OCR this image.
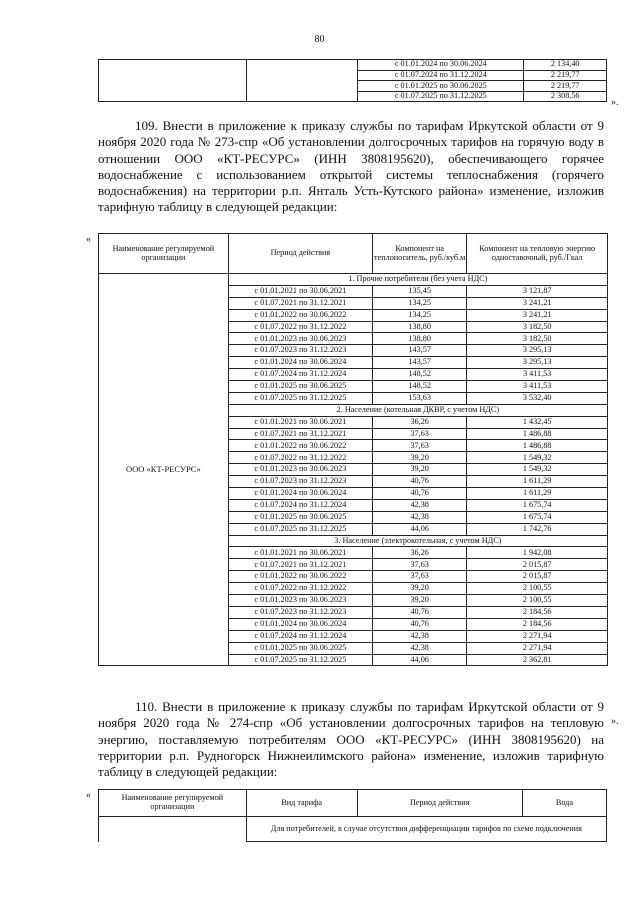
80
		с 01.01.2024 по 30.06.2024	2 134,40
		с 01.07.2024 по 31.12.2024	2 219,77
		с 01.01.2025 по 30.06.2025	2 219,77
		с 01.07.2025 по 31.12.2025	2 308,56
».
109. Внести в приложение к приказу службы по тарифам Иркутской области от 9 ноября 2020 года № 273-спр «Об установлении долгосрочных тарифов на горячую воду в отношении ООО «КТ-РЕСУРС» (ИНН 3808195620), обеспечивающего горячее водоснабжение с использованием открытой системы теплоснабжения (горячего водоснабжения) на территории р.п. Янталь Усть-Кутского района» изменение, изложив тарифную таблицу в следующей редакции:
«
Наименование регулируемой организации	Период действия	Компонент на теплоноситель, руб./куб.м	Компонент на тепловую энергию одноставочный, руб./Гкал
ООО «КТ-РЕСУРС»	1. Прочие потребители (без учета НДС)		
	с 01.01.2021 по 30.06.2021	135,45	3 121,87
	с 01.07.2021 по 31.12.2021	134,25	3 241,21
	с 01.01.2022 по 30.06.2022	134,25	3 241,21
	с 01.07.2022 по 31.12.2022	138,80	3 182,50
	с 01.01.2023 по 30.06.2023	138,80	3 182,50
	с 01.07.2023 по 31.12.2023	143,57	3 295,13
	с 01.01.2024 по 30.06.2024	143,57	3 295,13
	с 01.07.2024 по 31.12.2024	148,52	3 411,53
	с 01.01.2025 по 30.06.2025	148,52	3 411,53
	с 01.07.2025 по 31.12.2025	153,63	3 532,40
	2. Население (котельная ДКВР, с учетом НДС)		
	с 01.01.2021 по 30.06.2021	36,26	1 432,45
	с 01.07.2021 по 31.12.2021	37,63	1 486,88
	с 01.01.2022 по 30.06.2022	37,63	1 486,88
	с 01.07.2022 по 31.12.2022	39,20	1 549,32
	с 01.01.2023 по 30.06.2023	39,20	1 549,32
	с 01.07.2023 по 31.12.2023	40,76	1 611,29
	с 01.01.2024 по 30.06.2024	40,76	1 611,29
	с 01.07.2024 по 31.12.2024	42,38	1 675,74
	с 01.01.2025 по 30.06.2025	42,38	1 675,74
	с 01.07.2025 по 31.12.2025	44,06	1 742,76
	3. Население (электрокотельная, с учетом НДС)		
	с 01.01.2021 по 30.06.2021	36,26	1 942,08
	с 01.07.2021 по 31.12.2021	37,63	2 015,87
	с 01.01.2022 по 30.06.2022	37,63	2 015,87
	с 01.07.2022 по 31.12.2022	39,20	2 100,55
	с 01.01.2023 по 30.06.2023	39,20	2 100,55
	с 01.07.2023 по 31.12.2023	40,76	2 184,56
	с 01.01.2024 по 30.06.2024	40,76	2 184,56
	с 01.07.2024 по 31.12.2024	42,38	2 271,94
	с 01.01.2025 по 30.06.2025	42,38	2 271,94
	с 01.07.2025 по 31.12.2025	44,06	2 362,81
».
110. Внести в приложение к приказу службы по тарифам Иркутской области от 9 ноября 2020 года № 274-спр «Об установлении долгосрочных тарифов на тепловую энергию, поставляемую потребителям ООО «КТ-РЕСУРС» (ИНН 3808195620) на территории р.п. Рудногорск Нижнеилимского района» изменение, изложив тарифную таблицу в следующей редакции:
«	Наименование регулируемой организации	Вид тарифа	Период действия	Вода
	Для потребителей, в случае отсутствия дифференциации тарифов по схеме подключения		
